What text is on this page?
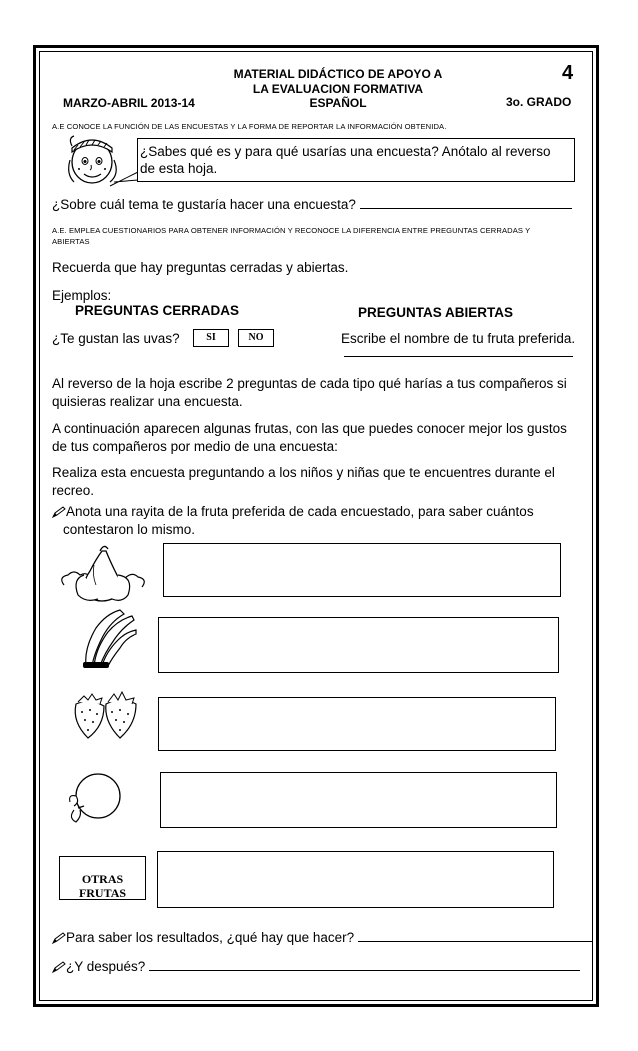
MATERIAL DIDÁCTICO DE APOYO A
LA EVALUACION FORMATIVA
ESPAÑOL
4
MARZO-ABRIL 2013-14	3o. GRADO
A.E CONOCE LA FUNCIÓN DE LAS ENCUESTAS Y LA FORMA DE REPORTAR LA INFORMACIÓN OBTENIDA.
¿Sabes qué es y para qué usarías una encuesta? Anótalo al reverso
de esta hoja.
¿Sobre cuál tema te gustaría hacer una encuesta?
A.E. EMPLEA CUESTIONARIOS PARA OBTENER INFORMACIÓN Y RECONOCE LA DIFERENCIA ENTRE PREGUNTAS CERRADAS Y
ABIERTAS
Recuerda que hay preguntas cerradas y abiertas.
Ejemplos:
PREGUNTAS CERRADAS	PREGUNTAS ABIERTAS
¿Te gustan las uvas?	SI	NO	Escribe el nombre de tu fruta preferida.
Al reverso de la hoja escribe 2 preguntas de cada tipo qué harías a tus compañeros si
quisieras realizar una encuesta.
A continuación aparecen algunas frutas, con las que puedes conocer mejor los gustos
de tus compañeros por medio de una encuesta:
Realiza esta encuesta preguntando a los niños y niñas que te encuentres durante el
recreo.
Anota una rayita de la fruta preferida de cada encuestado, para saber cuántos
contestaron lo mismo.
OTRAS
FRUTAS
Para saber los resultados, ¿qué hay que hacer?
¿Y después?
